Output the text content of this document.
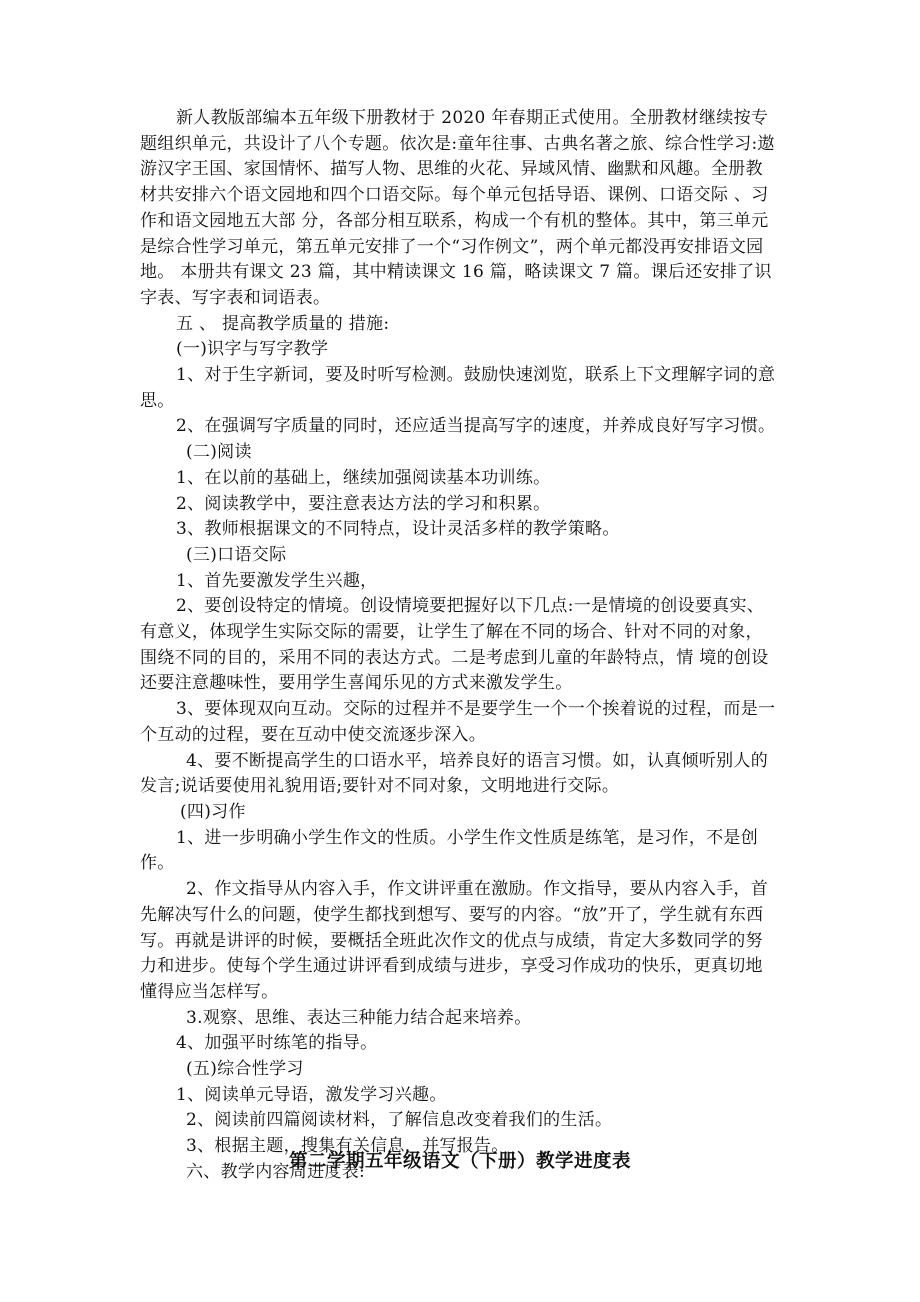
新人教版部编本五年级下册教材于 2020 年春期正式使用。全册教材继续按专题组织单元，共设计了八个专题。依次是:童年往事、古典名著之旅、综合性学习:遨游汉字王国、家国情怀、描写人物、思维的火花、异域风情、幽默和风趣。全册教材共安排六个语文园地和四个口语交际。每个单元包括导语、课例、口语交际 、习作和语文园地五大部 分，各部分相互联系，构成一个有机的整体。其中，第三单元是综合性学习单元，第五单元安排了一个“习作例文”，两个单元都没再安排语文园地。 本册共有课文 23 篇，其中精读课文 16 篇，略读课文 7 篇。课后还安排了识字表、写字表和词语表。

五 、 提高教学质量的 措施:

(一)识字与写字教学

1、对于生字新词，要及时听写检测。鼓励快速浏览，联系上下文理解字词的意思。

2、在强调写字质量的同时，还应适当提高写字的速度，并养成良好写字习惯。

(二)阅读

1、在以前的基础上，继续加强阅读基本功训练。

2、阅读教学中，要注意表达方法的学习和积累。

3、教师根据课文的不同特点，设计灵活多样的教学策略。

(三)口语交际

1、首先要激发学生兴趣，

2、要创设特定的情境。创设情境要把握好以下几点:一是情境的创设要真实、有意义，体现学生实际交际的需要，让学生了解在不同的场合、针对不同的对象，围绕不同的目的，采用不同的表达方式。二是考虑到儿童的年龄特点，情 境的创设还要注意趣味性，要用学生喜闻乐见的方式来激发学生。

3、要体现双向互动。交际的过程并不是要学生一个一个挨着说的过程，而是一个互动的过程，要在互动中使交流逐步深入。

4、要不断提高学生的口语水平，培养良好的语言习惯。如，认真倾听别人的发言;说话要使用礼貌用语;要针对不同对象，文明地进行交际。

(四)习作

1、进一步明确小学生作文的性质。小学生作文性质是练笔，是习作，不是创作。

2、作文指导从内容入手，作文讲评重在激励。作文指导，要从内容入手，首先解决写什么的问题，使学生都找到想写、要写的内容。“放”开了，学生就有东西写。再就是讲评的时候，要概括全班此次作文的优点与成绩，肯定大多数同学的努力和进步。使每个学生通过讲评看到成绩与进步，享受习作成功的快乐，更真切地懂得应当怎样写。

3.观察、思维、表达三种能力结合起来培养。

4、加强平时练笔的指导。

(五)综合性学习

1、阅读单元导语，激发学习兴趣。

2、阅读前四篇阅读材料，了解信息改变着我们的生活。

3、根据主题，搜集有关信息，并写报告。

六、教学内容周进度表:

第二学期五年级语文（下册）教学进度表
